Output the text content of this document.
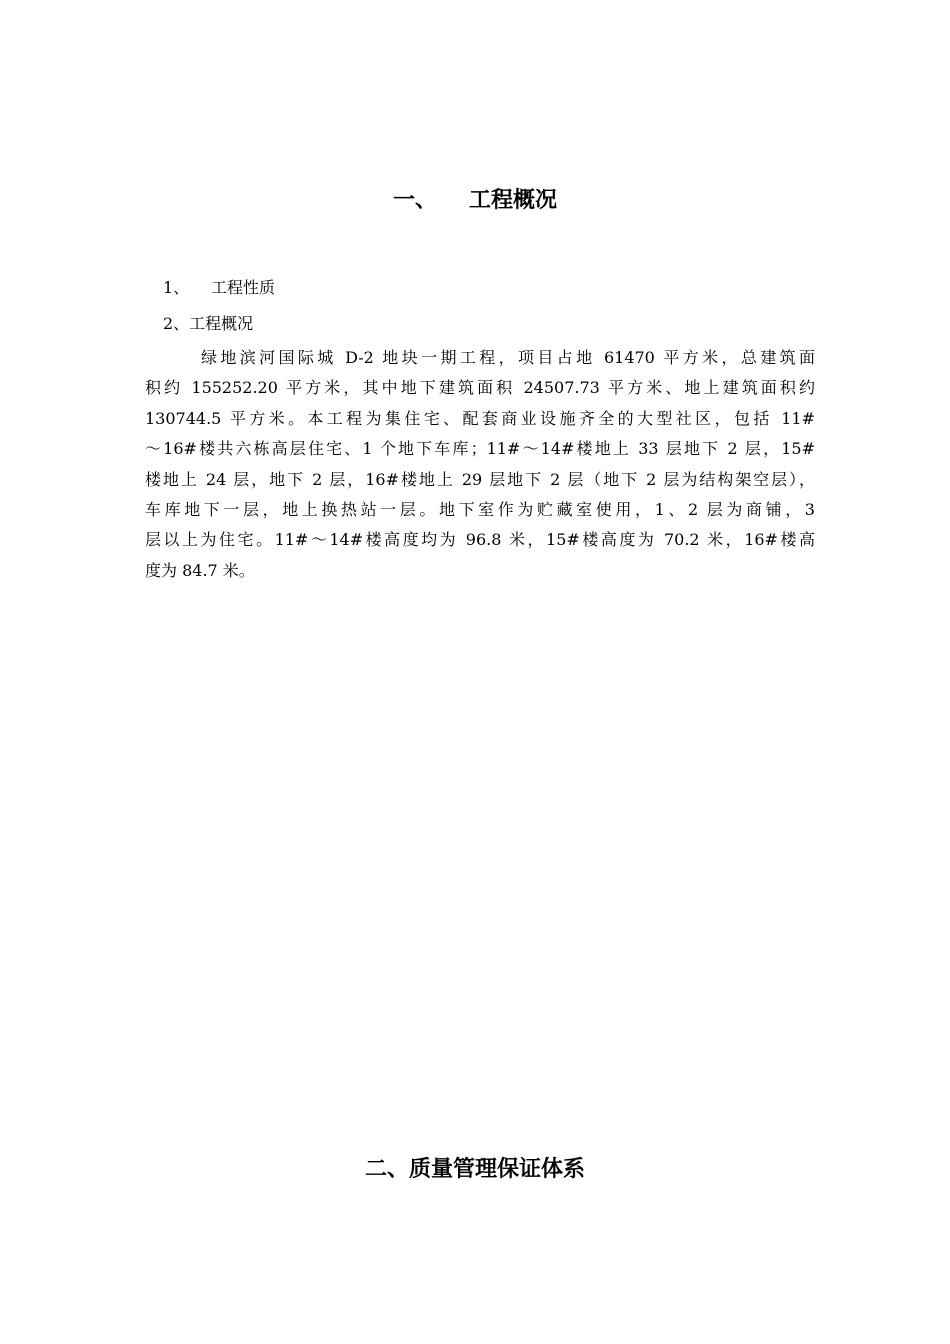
一、 工程概况
1、 工程性质
2、工程概况
绿地滨河国际城 D-2 地块一期工程，项目占地 61470 平方米，总建筑面
积约 155252.20 平方米，其中地下建筑面积 24507.73 平方米、地上建筑面积约
130744.5 平方米。本工程为集住宅、配套商业设施齐全的大型社区，包括 11#
～16#楼共六栋高层住宅、1 个地下车库；11#～14#楼地上 33 层地下 2 层，15#
楼地上 24 层，地下 2 层，16#楼地上 29 层地下 2 层（地下 2 层为结构架空层），
车库地下一层，地上换热站一层。地下室作为贮藏室使用，1、2 层为商铺，3
层以上为住宅。11#～14#楼高度均为 96.8 米，15#楼高度为 70.2 米，16#楼高
度为 84.7 米。
二、质量管理保证体系
